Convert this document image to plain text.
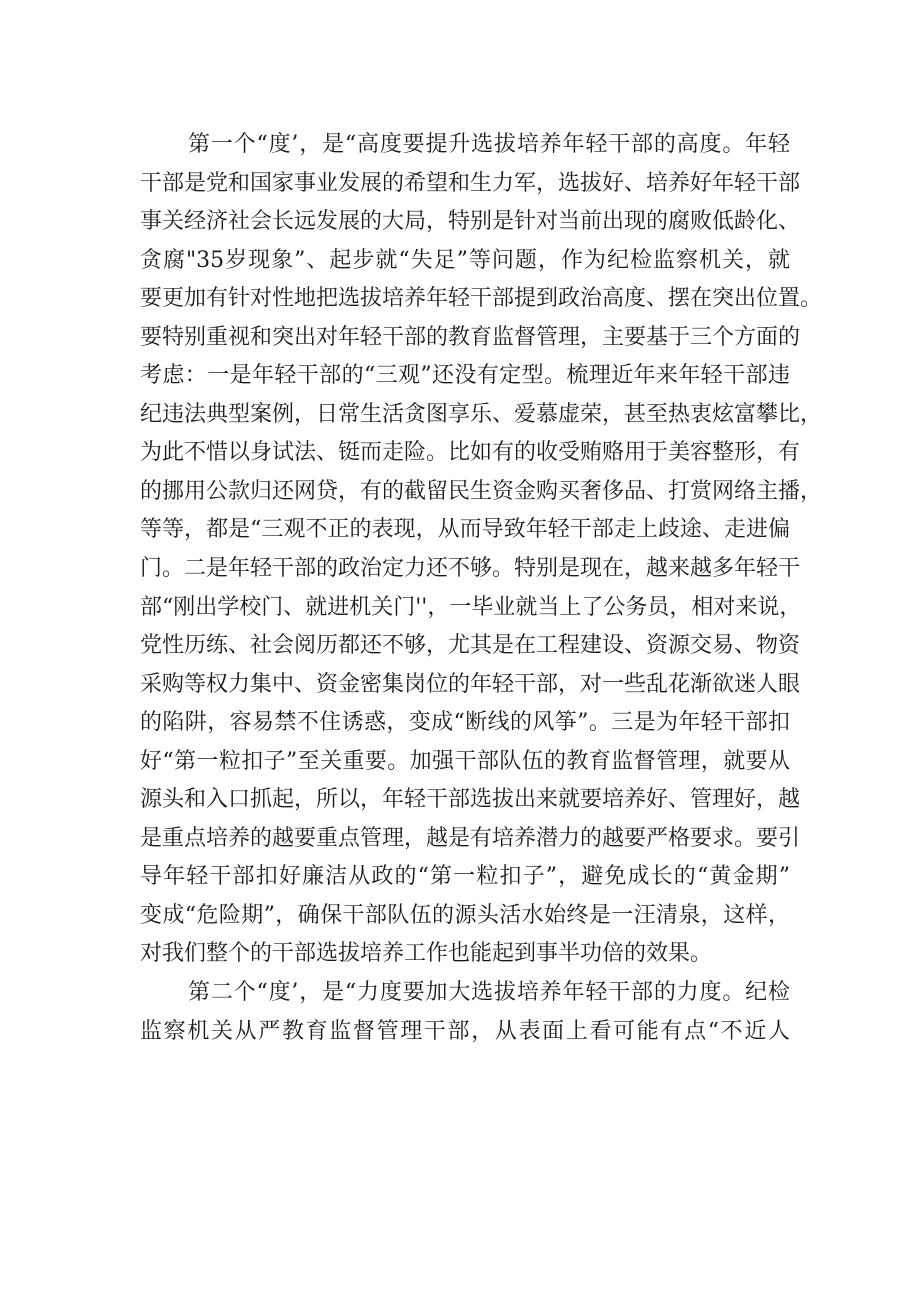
第一个“度’，是“高度要提升选拔培养年轻干部的高度。年轻
干部是党和国家事业发展的希望和生力军，选拔好、培养好年轻干部
事关经济社会长远发展的大局，特别是针对当前出现的腐败低龄化、
贪腐"35岁现象”、起步就“失足”等问题，作为纪检监察机关，就
要更加有针对性地把选拔培养年轻干部提到政治高度、摆在突出位置。
要特别重视和突出对年轻干部的教育监督管理，主要基于三个方面的
考虑：一是年轻干部的“三观”还没有定型。梳理近年来年轻干部违
纪违法典型案例，日常生活贪图享乐、爱慕虚荣，甚至热衷炫富攀比，
为此不惜以身试法、铤而走险。比如有的收受贿赂用于美容整形，有
的挪用公款归还网贷，有的截留民生资金购买奢侈品、打赏网络主播，
等等，都是“三观不正的表现，从而导致年轻干部走上歧途、走进偏
门。二是年轻干部的政治定力还不够。特别是现在，越来越多年轻干
部“刚出学校门、就进机关门''，一毕业就当上了公务员，相对来说，
党性历练、社会阅历都还不够，尤其是在工程建设、资源交易、物资
采购等权力集中、资金密集岗位的年轻干部，对一些乱花渐欲迷人眼
的陷阱，容易禁不住诱惑，变成“断线的风筝”。三是为年轻干部扣
好“第一粒扣子”至关重要。加强干部队伍的教育监督管理，就要从
源头和入口抓起，所以，年轻干部选拔出来就要培养好、管理好，越
是重点培养的越要重点管理，越是有培养潜力的越要严格要求。要引
导年轻干部扣好廉洁从政的“第一粒扣子”，避免成长的“黄金期”
变成“危险期”，确保干部队伍的源头活水始终是一汪清泉，这样，
对我们整个的干部选拔培养工作也能起到事半功倍的效果。
第二个“度’，是“力度要加大选拔培养年轻干部的力度。纪检
监察机关从严教育监督管理干部，从表面上看可能有点“不近人
